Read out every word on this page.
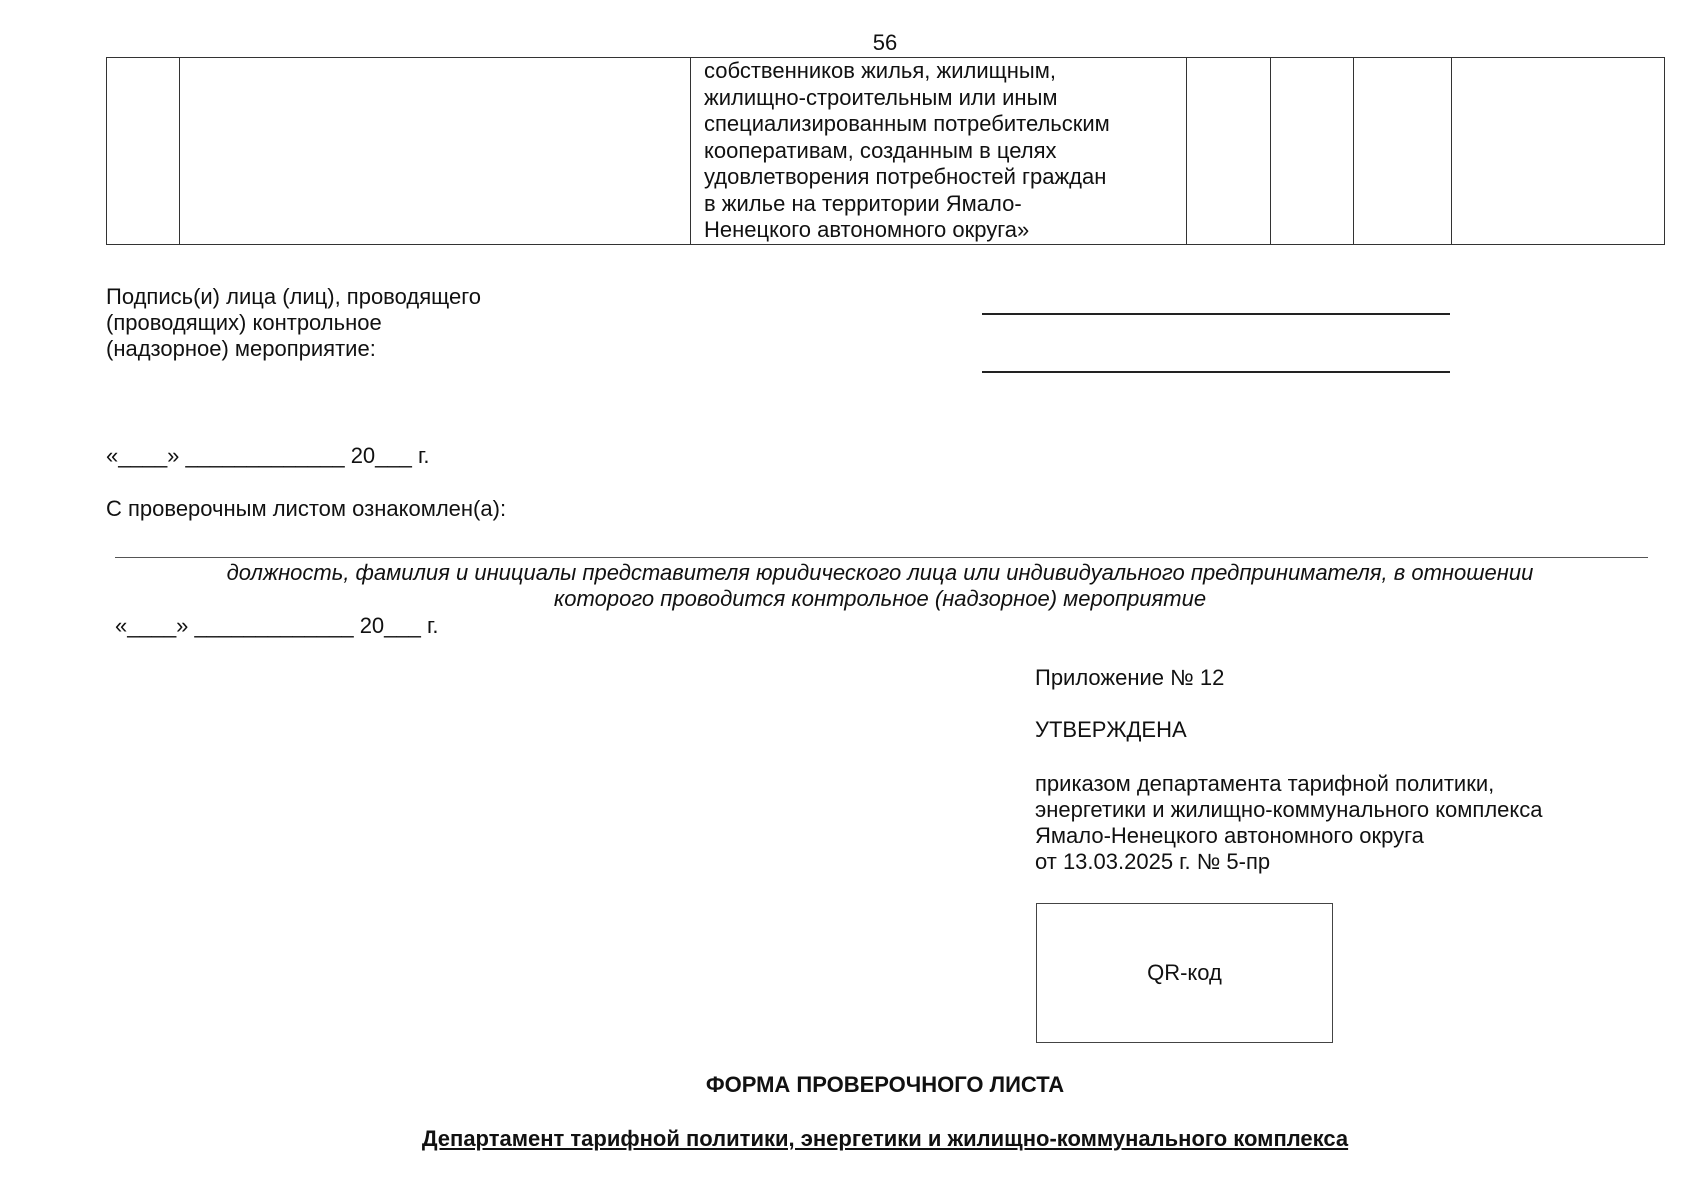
56

собственников жилья, жилищным,
жилищно-строительным или иным
специализированным потребительским
кооперативам, созданным в целях
удовлетворения потребностей граждан
в жилье на территории Ямало-
Ненецкого автономного округа»

Подпись(и) лица (лиц), проводящего
(проводящих) контрольное
(надзорное) мероприятие:
«____» _____________ 20___ г.
С проверочным листом ознакомлен(а):
должность, фамилия и инициалы представителя юридического лица или индивидуального предпринимателя, в отношении
которого проводится контрольное (надзорное) мероприятие
«____» _____________ 20___ г.
Приложение № 12
УТВЕРЖДЕНА
приказом департамента тарифной политики,
энергетики и жилищно-коммунального комплекса
Ямало-Ненецкого автономного округа
от 13.03.2025 г. № 5-пр
QR-код
ФОРМА ПРОВЕРОЧНОГО ЛИСТА
Департамент тарифной политики, энергетики и жилищно-коммунального комплекса
